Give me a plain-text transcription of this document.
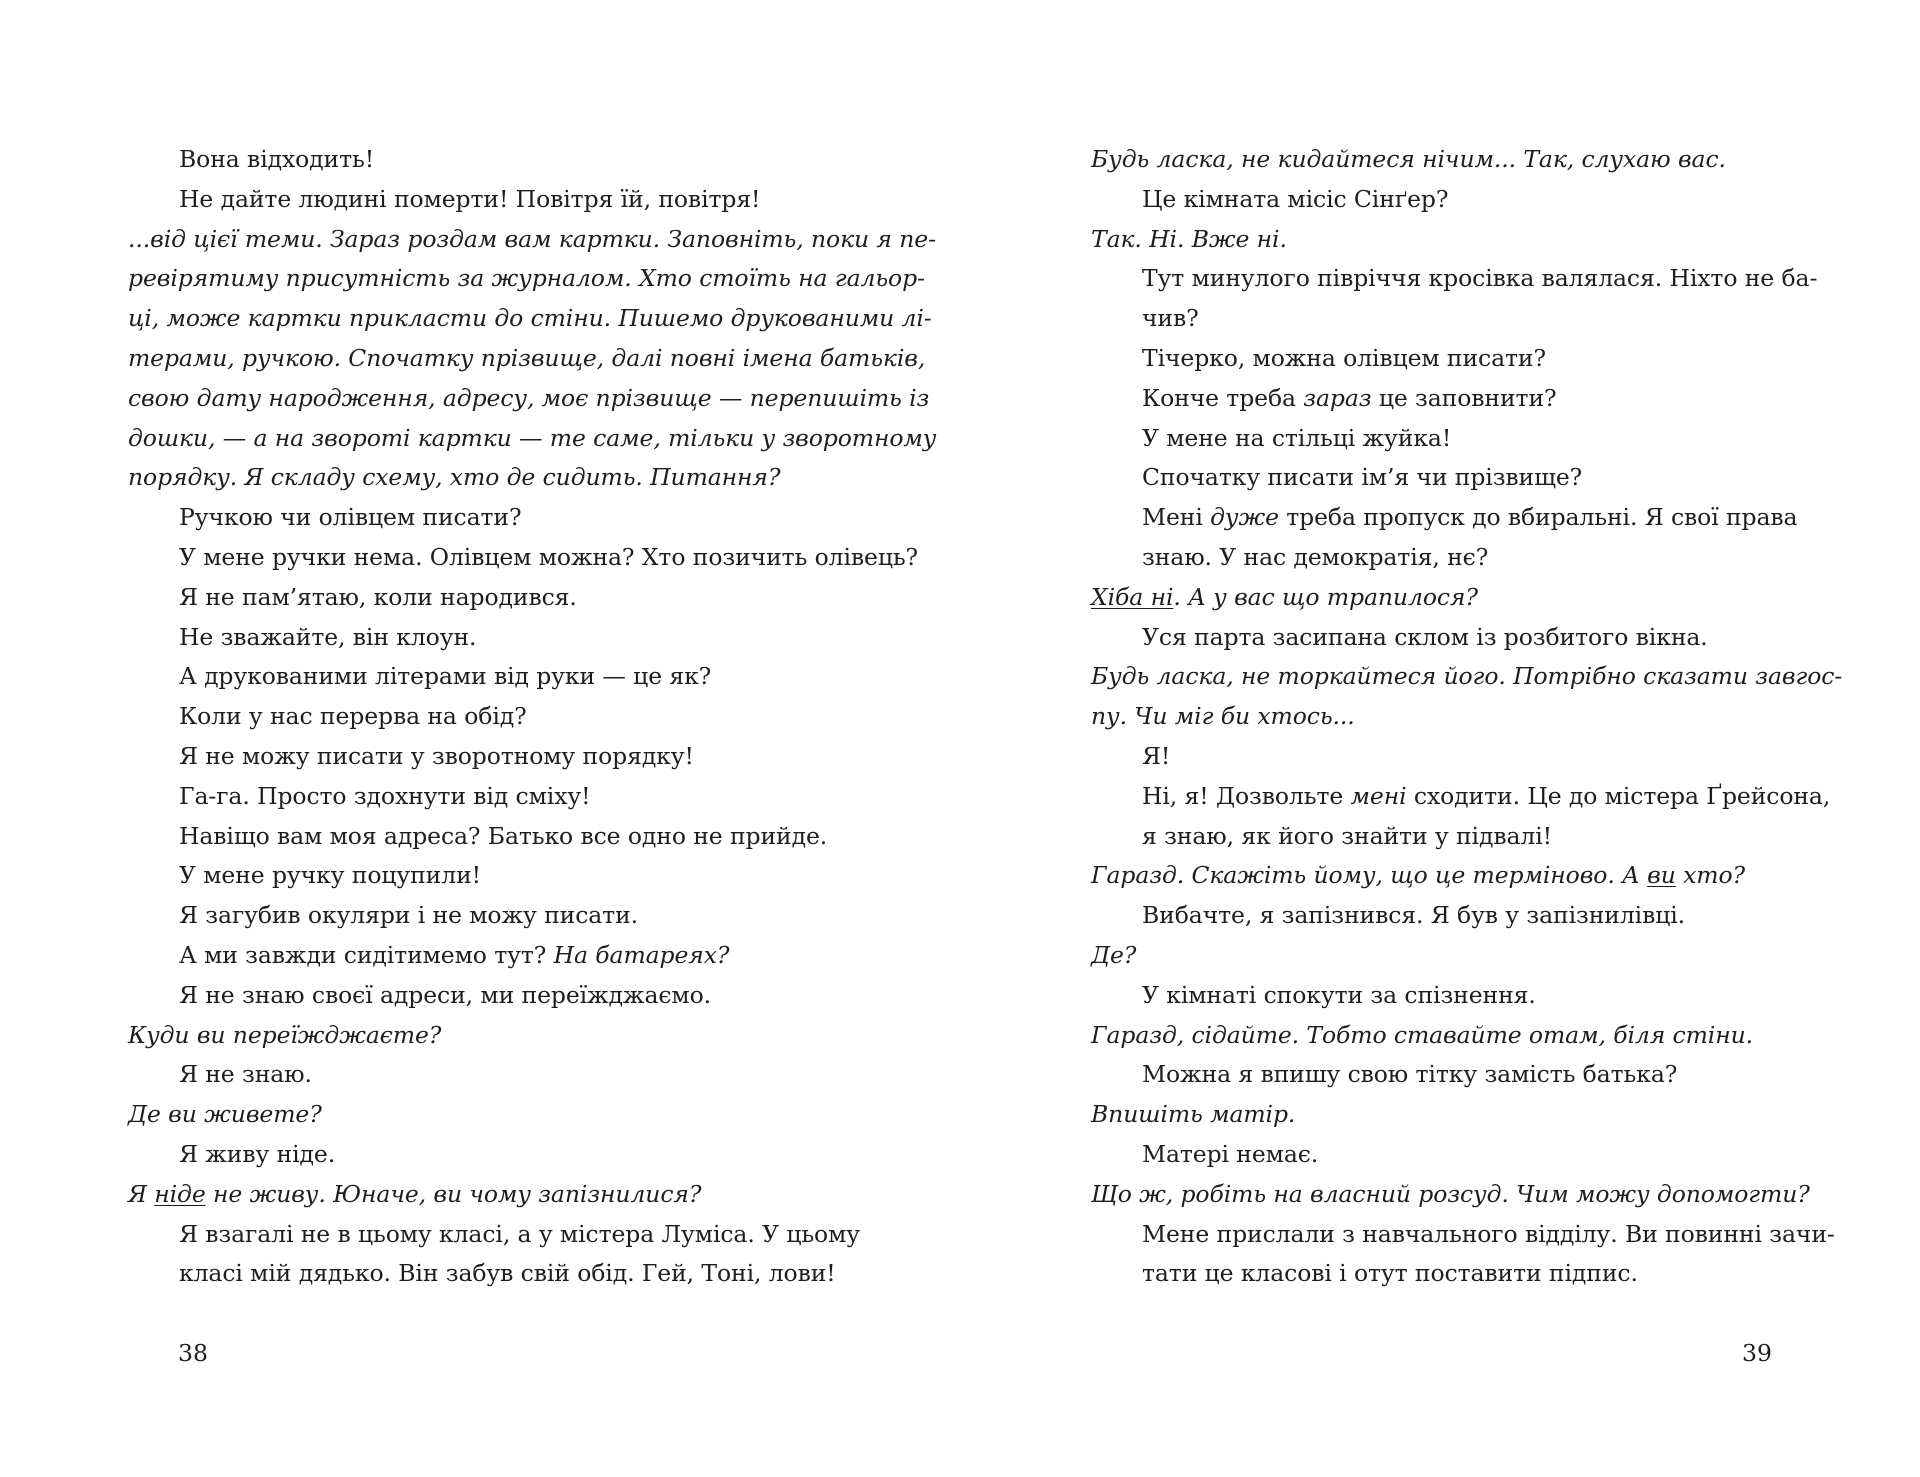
Вона відходить!
Не дайте людині померти! Повітря їй, повітря!
...від цієї теми. Зараз роздам вам картки. Заповніть, поки я пе-
ревірятиму присутність за журналом. Хто стоїть на гальор-
ці, може картки прикласти до стіни. Пишемо друкованими лі-
терами, ручкою. Спочатку прізвище, далі повні імена батьків,
свою дату народження, адресу, моє прізвище — перепишіть із
дошки, — а на звороті картки — те саме, тільки у зворотному
порядку. Я складу схему, хто де сидить. Питання?
Ручкою чи олівцем писати?
У мене ручки нема. Олівцем можна? Хто позичить олівець?
Я не пам’ятаю, коли народився.
Не зважайте, він клоун.
А друкованими літерами від руки — це як?
Коли у нас перерва на обід?
Я не можу писати у зворотному порядку!
Га-га. Просто здохнути від сміху!
Навіщо вам моя адреса? Батько все одно не прийде.
У мене ручку поцупили!
Я загубив окуляри і не можу писати.
А ми завжди сидітимемо тут? На батареях?
Я не знаю своєї адреси, ми переїжджаємо.
Куди ви переїжджаєте?
Я не знаю.
Де ви живете?
Я живу ніде.
Я ніде не живу. Юначе, ви чому запізнилися?
Я взагалі не в цьому класі, а у містера Луміса. У цьому
класі мій дядько. Він забув свій обід. Гей, Тоні, лови!
Будь ласка, не кидайтеся нічим... Так, слухаю вас.
Це кімната місіс Сінґер?
Так. Ні. Вже ні.
Тут минулого півріччя кросівка валялася. Ніхто не ба-
чив?
Тічерко, можна олівцем писати?
Конче треба зараз це заповнити?
У мене на стільці жуйка!
Спочатку писати ім’я чи прізвище?
Мені дуже треба пропуск до вбиральні. Я свої права
знаю. У нас демократія, нє?
Хіба ні. А у вас що трапилося?
Уся парта засипана склом із розбитого вікна.
Будь ласка, не торкайтеся його. Потрібно сказати завгос-
пу. Чи міг би хтось...
Я!
Ні, я! Дозвольте мені сходити. Це до містера Ґрейсона,
я знаю, як його знайти у підвалі!
Гаразд. Скажіть йому, що це терміново. А ви хто?
Вибачте, я запізнився. Я був у запізнилівці.
Де?
У кімнаті спокути за спізнення.
Гаразд, сідайте. Тобто ставайте отам, біля стіни.
Можна я впишу свою тітку замість батька?
Впишіть матір.
Матері немає.
Що ж, робіть на власний розсуд. Чим можу допомогти?
Мене прислали з навчального відділу. Ви повинні зачи-
тати це класові і отут поставити підпис.
38	39
